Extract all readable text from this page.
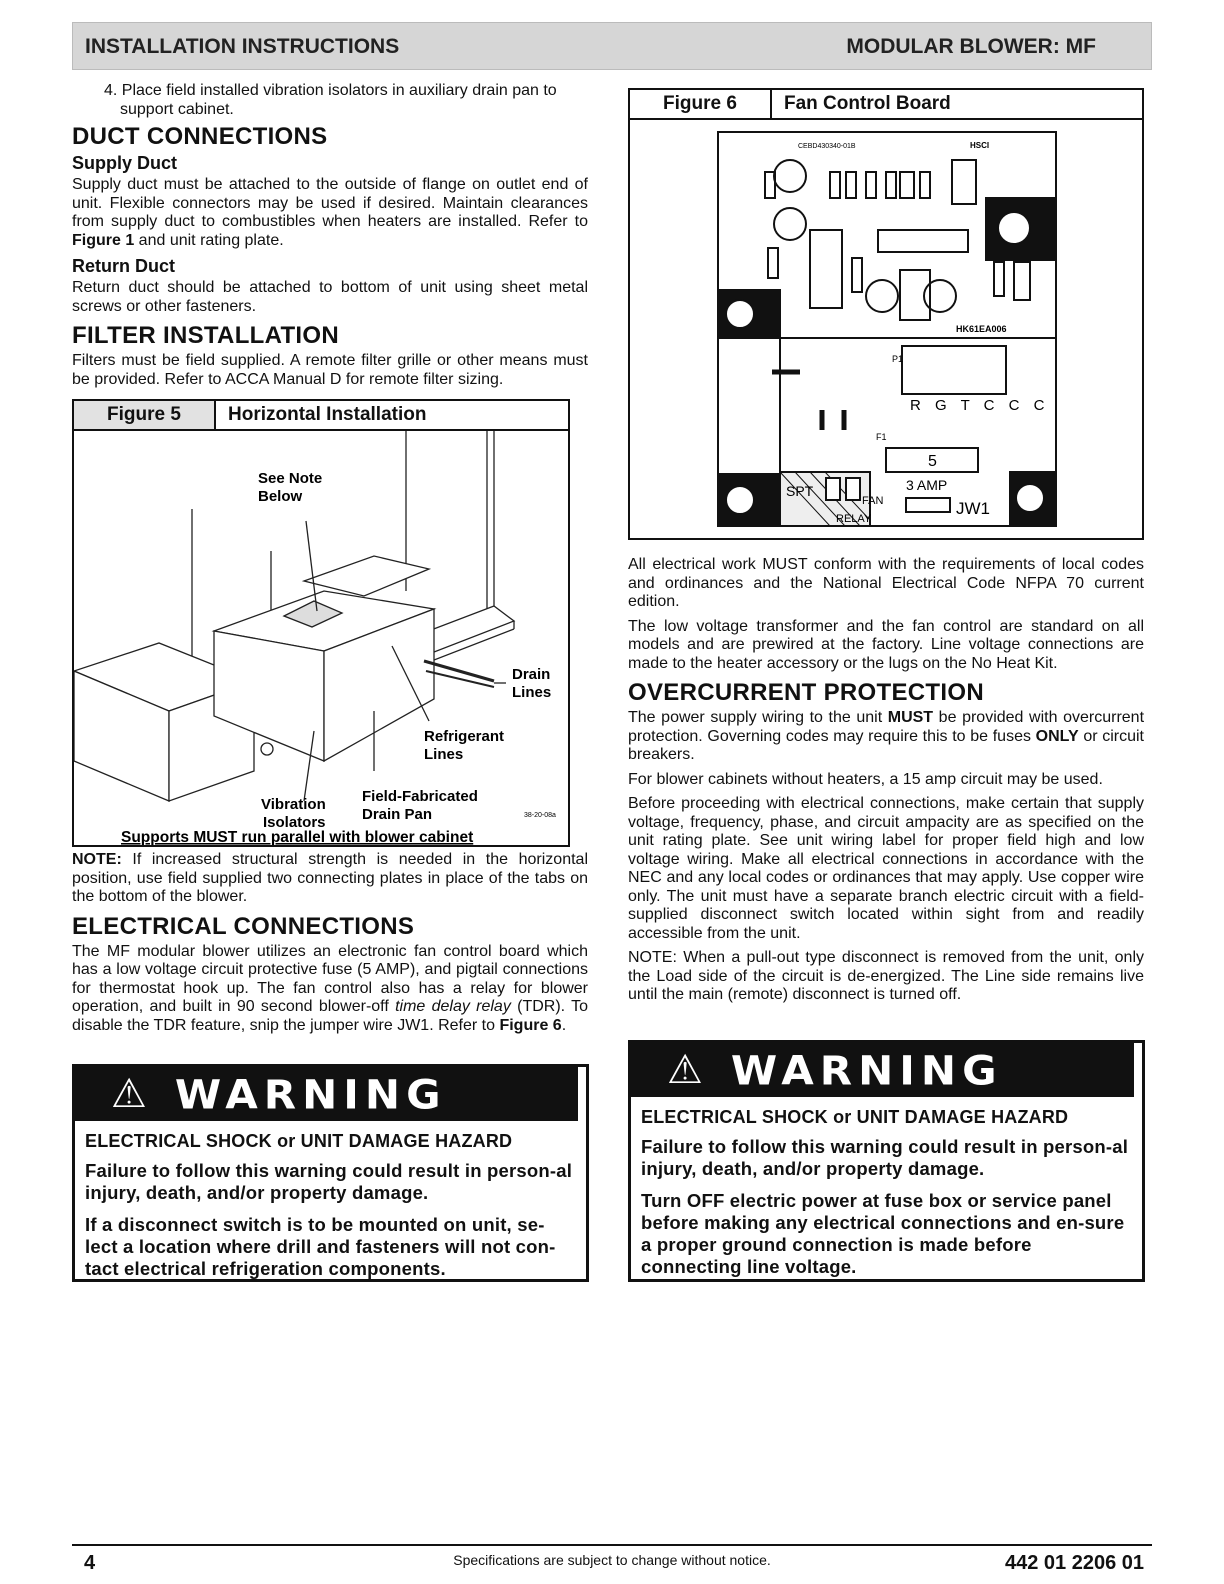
INSTALLATION INSTRUCTIONS	MODULAR BLOWER: MF
4. Place field installed vibration isolators in auxiliary drain pan to support cabinet.
DUCT CONNECTIONS
Supply Duct

Supply duct must be attached to the outside of flange on outlet end of unit. Flexible connectors may be used if desired. Maintain clearances from supply duct to combustibles when heaters are installed. Refer to Figure 1 and unit rating plate.

Return Duct

Return duct should be attached to bottom of unit using sheet metal screws or other fasteners.

FILTER INSTALLATION

Filters must be field supplied. A remote filter grille or other means must be provided. Refer to ACCA Manual D for remote filter sizing.

Figure 5	Horizontal Installation
See Note
Below
Drain
Lines
Refrigerant
Lines
Vibration
Isolators
Field-Fabricated
Drain Pan	38-20-08a
Supports MUST run parallel with blower cabinet

NOTE: If increased structural strength is needed in the horizontal position, use field supplied two connecting plates in place of the tabs on the bottom of the blower.

ELECTRICAL CONNECTIONS

The MF modular blower utilizes an electronic fan control board which has a low voltage circuit protective fuse (5 AMP), and pigtail connections for thermostat hook up. The fan control also has a relay for blower operation, and built in 90 second blower-off time delay relay (TDR). To disable the TDR feature, snip the jumper wire JW1. Refer to Figure 6.

⚠ WARNING
ELECTRICAL SHOCK or UNIT DAMAGE HAZARD
Failure to follow this warning could result in person-al injury, death, and/or property damage.
If a disconnect switch is to be mounted on unit, se-lect a location where drill and fasteners will not con-tact electrical refrigeration components.
Figure 6	Fan Control Board
CEBD430340-01B	HSCI
HK61EA006
P1
R G T C C C
F1
5
3 AMP
SPT
FAN
RELAY
JW1

All electrical work MUST conform with the requirements of local codes and ordinances and the National Electrical Code NFPA 70 current edition.

The low voltage transformer and the fan control are standard on all models and are prewired at the factory. Line voltage connections are made to the heater accessory or the lugs on the No Heat Kit.

OVERCURRENT PROTECTION

The power supply wiring to the unit MUST be provided with overcurrent protection. Governing codes may require this to be fuses ONLY or circuit breakers.

For blower cabinets without heaters, a 15 amp circuit may be used.

Before proceeding with electrical connections, make certain that supply voltage, frequency, phase, and circuit ampacity are as specified on the unit rating plate. See unit wiring label for proper field high and low voltage wiring. Make all electrical connections in accordance with the NEC and any local codes or ordinances that may apply. Use copper wire only. The unit must have a separate branch electric circuit with a field-supplied disconnect switch located within sight from and readily accessible from the unit.

NOTE: When a pull-out type disconnect is removed from the unit, only the Load side of the circuit is de-energized. The Line side remains live until the main (remote) disconnect is turned off.

⚠ WARNING
ELECTRICAL SHOCK or UNIT DAMAGE HAZARD
Failure to follow this warning could result in person-al injury, death, and/or property damage.
Turn OFF electric power at fuse box or service panel before making any electrical connections and en-sure a proper ground connection is made before connecting line voltage.
4	Specifications are subject to change without notice.	442 01 2206 01
